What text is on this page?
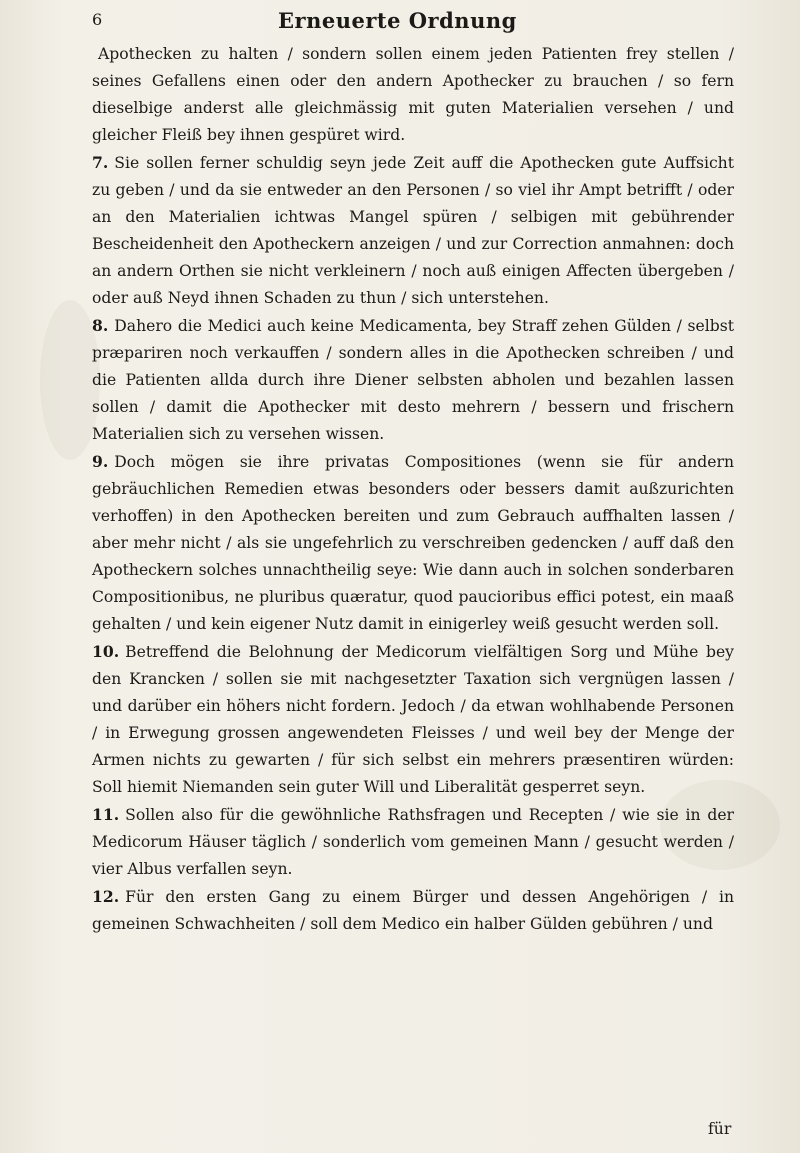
6	Erneuerte Ordnung

Apothecken zu halten / sondern sollen einem jeden Patienten frey stellen / seines Gefallens einen oder den andern Apothecker zu brauchen / so fern dieselbige anderst alle gleichmässig mit guten Materialien versehen / und gleicher Fleiß bey ihnen gespüret wird.

7. Sie sollen ferner schuldig seyn jede Zeit auff die Apothecken gute Auffsicht zu geben / und da sie entweder an den Personen / so viel ihr Ampt betrifft / oder an den Materialien ichtwas Mangel spüren / selbigen mit gebührender Bescheidenheit den Apotheckern anzeigen / und zur Correction anmahnen: doch an andern Orthen sie nicht verkleinern / noch auß einigen Affecten übergeben / oder auß Neyd ihnen Schaden zu thun / sich unterstehen.

8. Dahero die Medici auch keine Medicamenta, bey Straff zehen Gülden / selbst præpariren noch verkauffen / sondern alles in die Apothecken schreiben / und die Patienten allda durch ihre Diener selbsten abholen und bezahlen lassen sollen / damit die Apothecker mit desto mehrern / bessern und frischern Materialien sich zu versehen wissen.

9. Doch mögen sie ihre privatas Compositiones (wenn sie für andern gebräuchlichen Remedien etwas besonders oder bessers damit außzurichten verhoffen) in den Apothecken bereiten und zum Gebrauch auffhalten lassen / aber mehr nicht / als sie ungefehrlich zu verschreiben gedencken / auff daß den Apotheckern solches unnachtheilig seye: Wie dann auch in solchen sonderbaren Compositionibus, ne pluribus quæratur, quod paucioribus effici potest, ein maaß gehalten / und kein eigener Nutz damit in einigerley weiß gesucht werden soll.

10. Betreffend die Belohnung der Medicorum vielfältigen Sorg und Mühe bey den Krancken / sollen sie mit nachgesetzter Taxation sich vergnügen lassen / und darüber ein höhers nicht fordern. Jedoch / da etwan wohlhabende Personen / in Erwegung grossen angewendeten Fleisses / und weil bey der Menge der Armen nichts zu gewarten / für sich selbst ein mehrers præsentiren würden: Soll hiemit Niemanden sein guter Will und Liberalität gesperret seyn.

11. Sollen also für die gewöhnliche Rathsfragen und Recepten / wie sie in der Medicorum Häuser täglich / sonderlich vom gemeinen Mann / gesucht werden / vier Albus verfallen seyn.

12. Für den ersten Gang zu einem Bürger und dessen Angehörigen / in gemeinen Schwachheiten / soll dem Medico ein halber Gülden gebühren / und

für
